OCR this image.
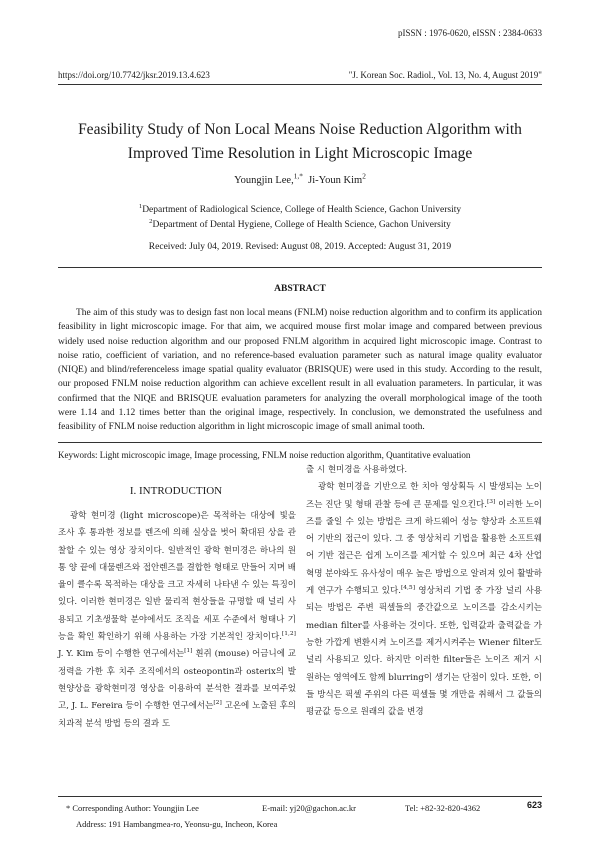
pISSN : 1976-0620, eISSN : 2384-0633
https://doi.org/10.7742/jksr.2019.13.4.623	"J. Korean Soc. Radiol., Vol. 13, No. 4, August 2019"
Feasibility Study of Non Local Means Noise Reduction Algorithm with
Improved Time Resolution in Light Microscopic Image
Youngjin Lee,$^{1,*}$ Ji-Youn Kim$^2$
$^1$Department of Radiological Science, College of Health Science, Gachon University
$^2$Department of Dental Hygiene, College of Health Science, Gachon University
Received: July 04, 2019. Revised: August 08, 2019. Accepted: August 31, 2019
ABSTRACT

The aim of this study was to design fast non local means (FNLM) noise reduction algorithm and to confirm its application feasibility in light microscopic image. For that aim, we acquired mouse first molar image and compared between previous widely used noise reduction algorithm and our proposed FNLM algorithm in acquired light microscopic image. Contrast to noise ratio, coefficient of variation, and no reference-based evaluation parameter such as natural image quality evaluator (NIQE) and blind/referenceless image spatial quality evaluator (BRISQUE) were used in this study. According to the result, our proposed FNLM noise reduction algorithm can achieve excellent result in all evaluation parameters. In particular, it was confirmed that the NIQE and BRISQUE evaluation parameters for analyzing the overall morphological image of the tooth were 1.14 and 1.12 times better than the original image, respectively. In conclusion, we demonstrated the usefulness and feasibility of FNLM noise reduction algorithm in light microscopic image of small animal tooth.

Keywords: Light microscopic image, Image processing, FNLM noise reduction algorithm, Quantitative evaluation
I. INTRODUCTION

광학 현미경 (light microscope)은 목적하는 대상에 빛을 조사 후 통과한 정보를 렌즈에 의해 실상을 벗어 확대된 상을 관찰할 수 있는 영상 장치이다. 일반적인 광학 현미경은 하나의 원통 양 끝에 대물렌즈와 접안렌즈를 결합한 형태로 만들어 지며 배율이 클수록 목적하는 대상을 크고 자세히 나타낸 수 있는 특징이 있다. 이러한 현미경은 일반 물리적 현상들을 규명할 때 널리 사용되고 기초생물학 분야에서도 조직을 세포 수준에서 형태나 기능을 확인 확인하기 위해 사용하는 가장 기본적인 장치이다.[1,2] J. Y. Kim 등이 수행한 연구에서는[1] 흰쥐 (mouse) 어금니에 교정력을 가한 후 치주 조직에서의 osteopontin과 osterix의 발현양상을 광학현미경 영상을 이용하여 분석한 결과를 보여주었고, J. L. Fereira 등이 수행한 연구에서는[2] 고온에 노출된 후의 치과적 분석 방법 등의 결과 도

출 시 현미경을 사용하였다.

광학 현미경을 기반으로 한 치아 영상획득 시 발생되는 노이즈는 진단 및 형태 관찰 등에 큰 문제를 일으킨다.[3] 이러한 노이즈를 줄일 수 있는 방법은 크게 하드웨어 성능 향상과 소프트웨어 기반의 접근이 있다. 그 중 영상처리 기법을 활용한 소프트웨어 기반 접근은 쉽게 노이즈를 제거할 수 있으며 최근 4차 산업 혁명 분야와도 유사성이 매우 높은 방법으로 알려져 있어 활발하게 연구가 수행되고 있다.[4,5] 영상처리 기법 중 가장 널리 사용되는 방법은 주변 픽셀들의 중간값으로 노이즈를 감소시키는 median filter를 사용하는 것이다. 또한, 입력값과 출력값을 가능한 가깝게 변환시켜 노이즈를 제거시켜주는 Wiener filter도 널리 사용되고 있다. 하지만 이러한 filter들은 노이즈 제거 시 원하는 영역에도 함께 blurring이 생기는 단점이 있다. 또한, 이들 방식은 픽셀 주위의 다른 픽셀들 몇 개만을 취해서 그 값들의 평균값 등으로 원래의 값을 변경

* Corresponding Author: Youngjin Lee	E-mail: yj20@gachon.ac.kr	Tel: +82-32-820-4362
Address: 191 Hambangmea-ro, Yeonsu-gu, Incheon, Korea
623
